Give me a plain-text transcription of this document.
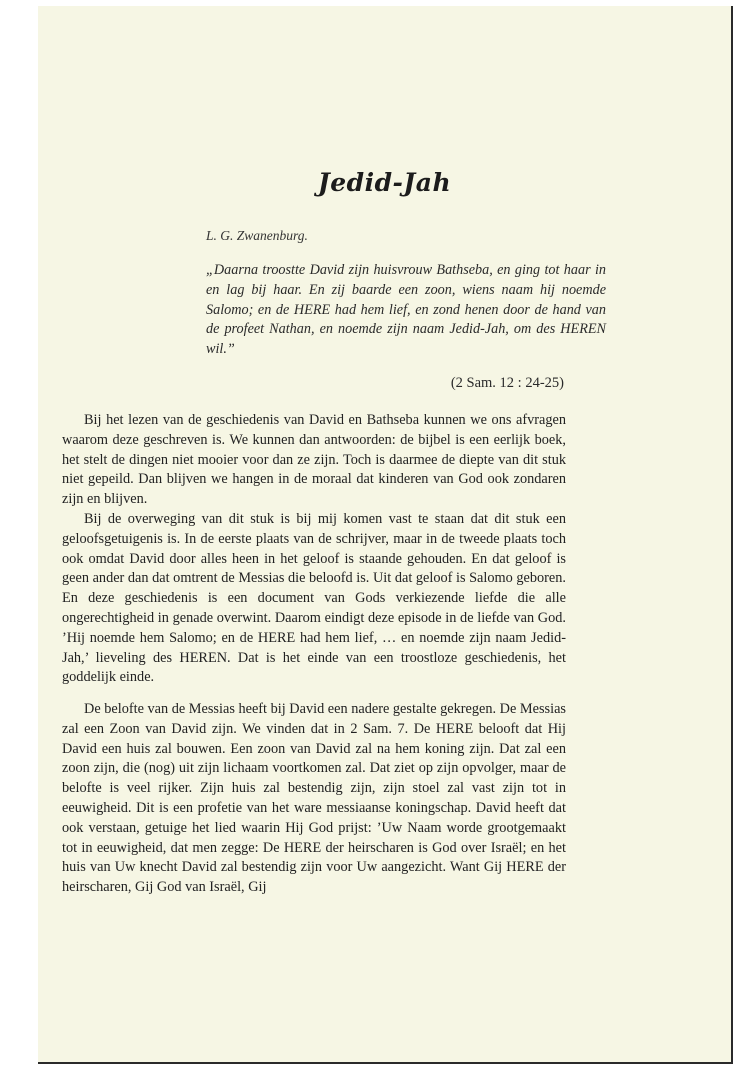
Jedid-Jah
L. G. Zwanenburg.
„Daarna troostte David zijn huisvrouw Bathseba, en ging tot haar in en lag bij haar. En zij baarde een zoon, wiens naam hij noemde Salomo; en de HERE had hem lief, en zond henen door de hand van de profeet Nathan, en noemde zijn naam Jedid-Jah, om des HEREN wil.”
(2 Sam. 12 : 24-25)

Bij het lezen van de geschiedenis van David en Bathseba kunnen we ons afvragen waarom deze geschreven is. We kunnen dan antwoorden: de bijbel is een eerlijk boek, het stelt de dingen niet mooier voor dan ze zijn. Toch is daarmee de diepte van dit stuk niet gepeild. Dan blijven we hangen in de moraal dat kinderen van God ook zondaren zijn en blijven.

Bij de overweging van dit stuk is bij mij komen vast te staan dat dit stuk een geloofsgetuigenis is. In de eerste plaats van de schrijver, maar in de tweede plaats toch ook omdat David door alles heen in het geloof is staande gehouden. En dat geloof is geen ander dan dat omtrent de Messias die beloofd is. Uit dat geloof is Salomo geboren. En deze geschiedenis is een document van Gods verkiezende liefde die alle ongerechtigheid in genade overwint. Daarom eindigt deze episode in de liefde van God. ’Hij noemde hem Salomo; en de HERE had hem lief, … en noemde zijn naam Jedid-Jah,’ lieveling des HEREN. Dat is het einde van een troostloze geschiedenis, het goddelijk einde.

De belofte van de Messias heeft bij David een nadere gestalte gekregen. De Messias zal een Zoon van David zijn. We vinden dat in 2 Sam. 7. De HERE belooft dat Hij David een huis zal bouwen. Een zoon van David zal na hem koning zijn. Dat zal een zoon zijn, die (nog) uit zijn lichaam voortkomen zal. Dat ziet op zijn opvolger, maar de belofte is veel rijker. Zijn huis zal bestendig zijn, zijn stoel zal vast zijn tot in eeuwigheid. Dit is een profetie van het ware messiaanse koningschap. David heeft dat ook verstaan, getuige het lied waarin Hij God prijst: ’Uw Naam worde grootgemaakt tot in eeuwigheid, dat men zegge: De HERE der heirscharen is God over Israël; en het huis van Uw knecht David zal bestendig zijn voor Uw aangezicht. Want Gij HERE der heirscharen, Gij God van Israël, Gij
